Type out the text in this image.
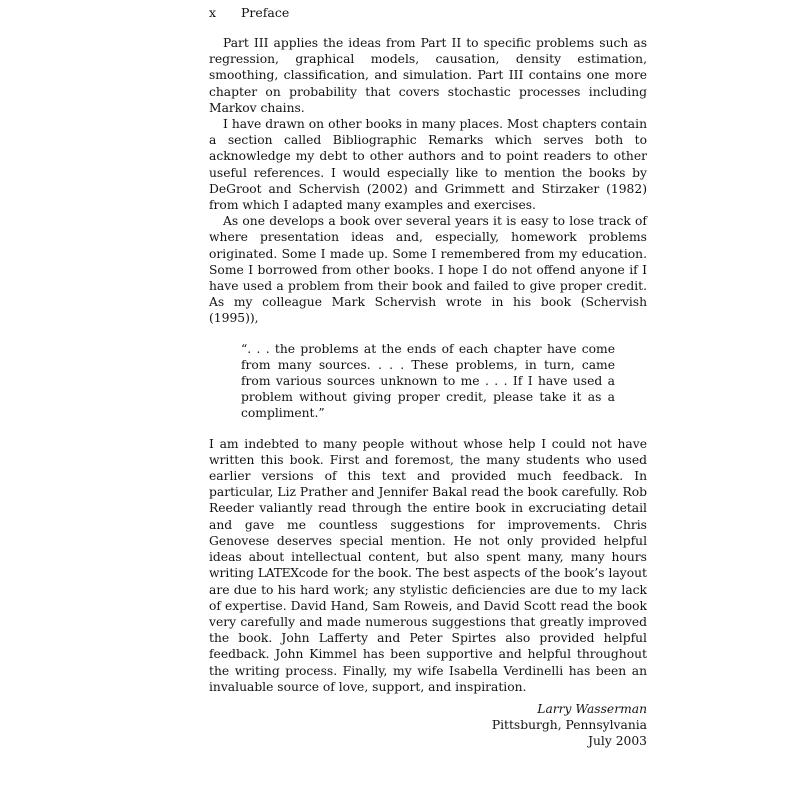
x Preface

Part III applies the ideas from Part II to specific problems such as regression, graphical models, causation, density estimation, smoothing, classification, and simulation. Part III contains one more chapter on probability that covers stochastic processes including Markov chains.

I have drawn on other books in many places. Most chapters contain a section called Bibliographic Remarks which serves both to acknowledge my debt to other authors and to point readers to other useful references. I would especially like to mention the books by DeGroot and Schervish (2002) and Grimmett and Stirzaker (1982) from which I adapted many examples and exercises.

As one develops a book over several years it is easy to lose track of where presentation ideas and, especially, homework problems originated. Some I made up. Some I remembered from my education. Some I borrowed from other books. I hope I do not offend anyone if I have used a problem from their book and failed to give proper credit. As my colleague Mark Schervish wrote in his book (Schervish (1995)),

“. . . the problems at the ends of each chapter have come from many sources. . . . These problems, in turn, came from various sources unknown to me . . . If I have used a problem without giving proper credit, please take it as a compliment.”

I am indebted to many people without whose help I could not have written this book. First and foremost, the many students who used earlier versions of this text and provided much feedback. In particular, Liz Prather and Jennifer Bakal read the book carefully. Rob Reeder valiantly read through the entire book in excruciating detail and gave me countless suggestions for improvements. Chris Genovese deserves special mention. He not only provided helpful ideas about intellectual content, but also spent many, many hours writing LATEXcode for the book. The best aspects of the book’s layout are due to his hard work; any stylistic deficiencies are due to my lack of expertise. David Hand, Sam Roweis, and David Scott read the book very carefully and made numerous suggestions that greatly improved the book. John Lafferty and Peter Spirtes also provided helpful feedback. John Kimmel has been supportive and helpful throughout the writing process. Finally, my wife Isabella Verdinelli has been an invaluable source of love, support, and inspiration.

Larry Wasserman
Pittsburgh, Pennsylvania
July 2003
